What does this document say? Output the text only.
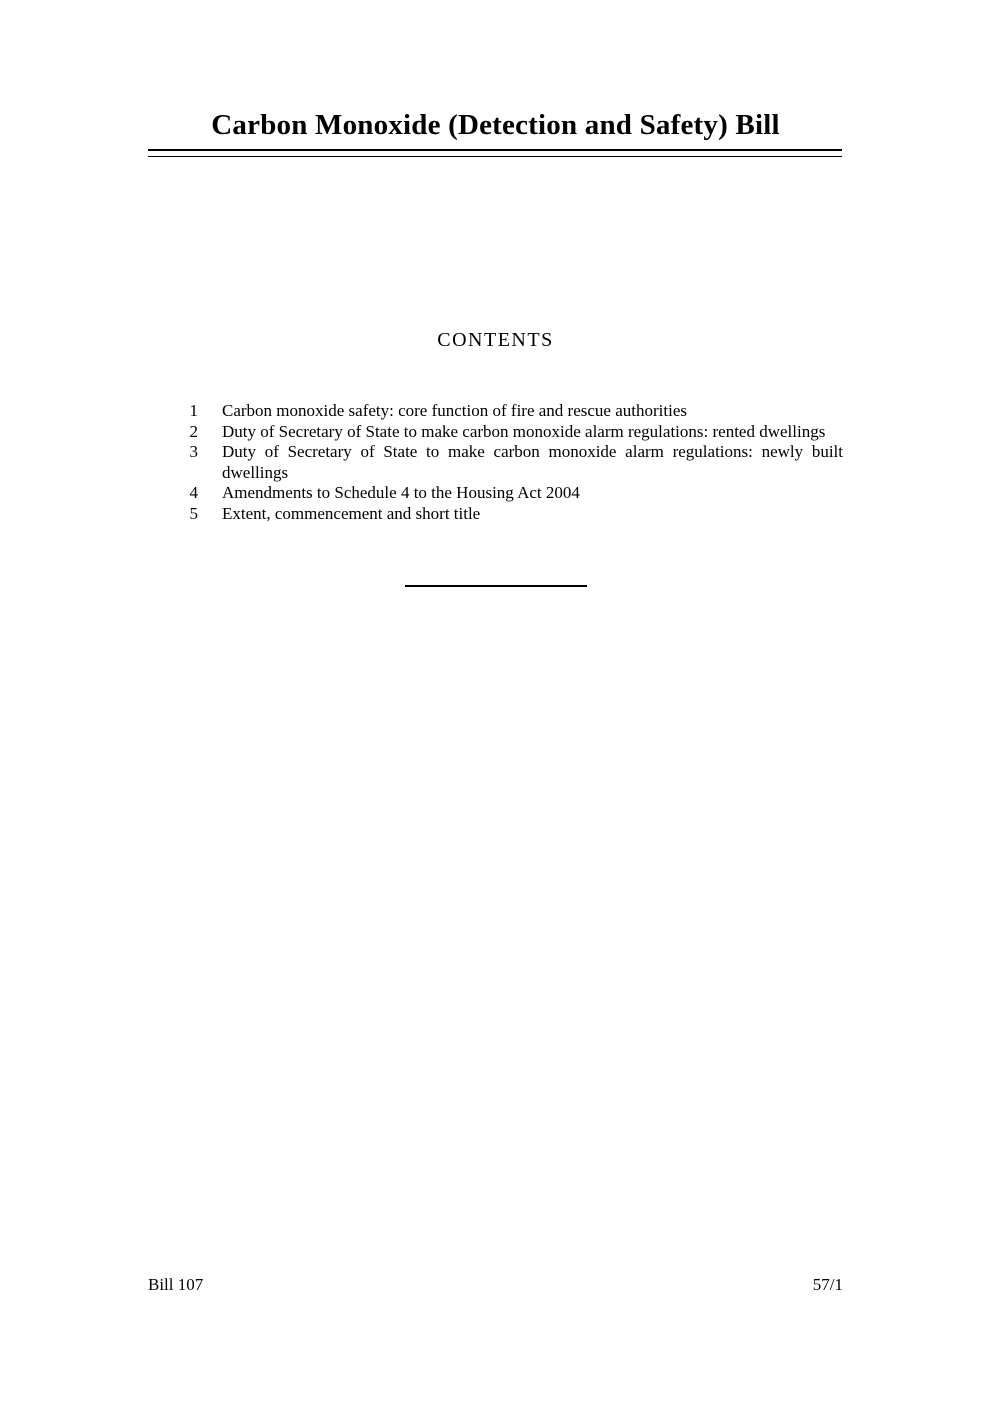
Carbon Monoxide (Detection and Safety) Bill
CONTENTS
1 Carbon monoxide safety: core function of fire and rescue authorities
2 Duty of Secretary of State to make carbon monoxide alarm regulations: rented dwellings
3 Duty of Secretary of State to make carbon monoxide alarm regulations: newly built dwellings
4 Amendments to Schedule 4 to the Housing Act 2004
5 Extent, commencement and short title
Bill 107	57/1
